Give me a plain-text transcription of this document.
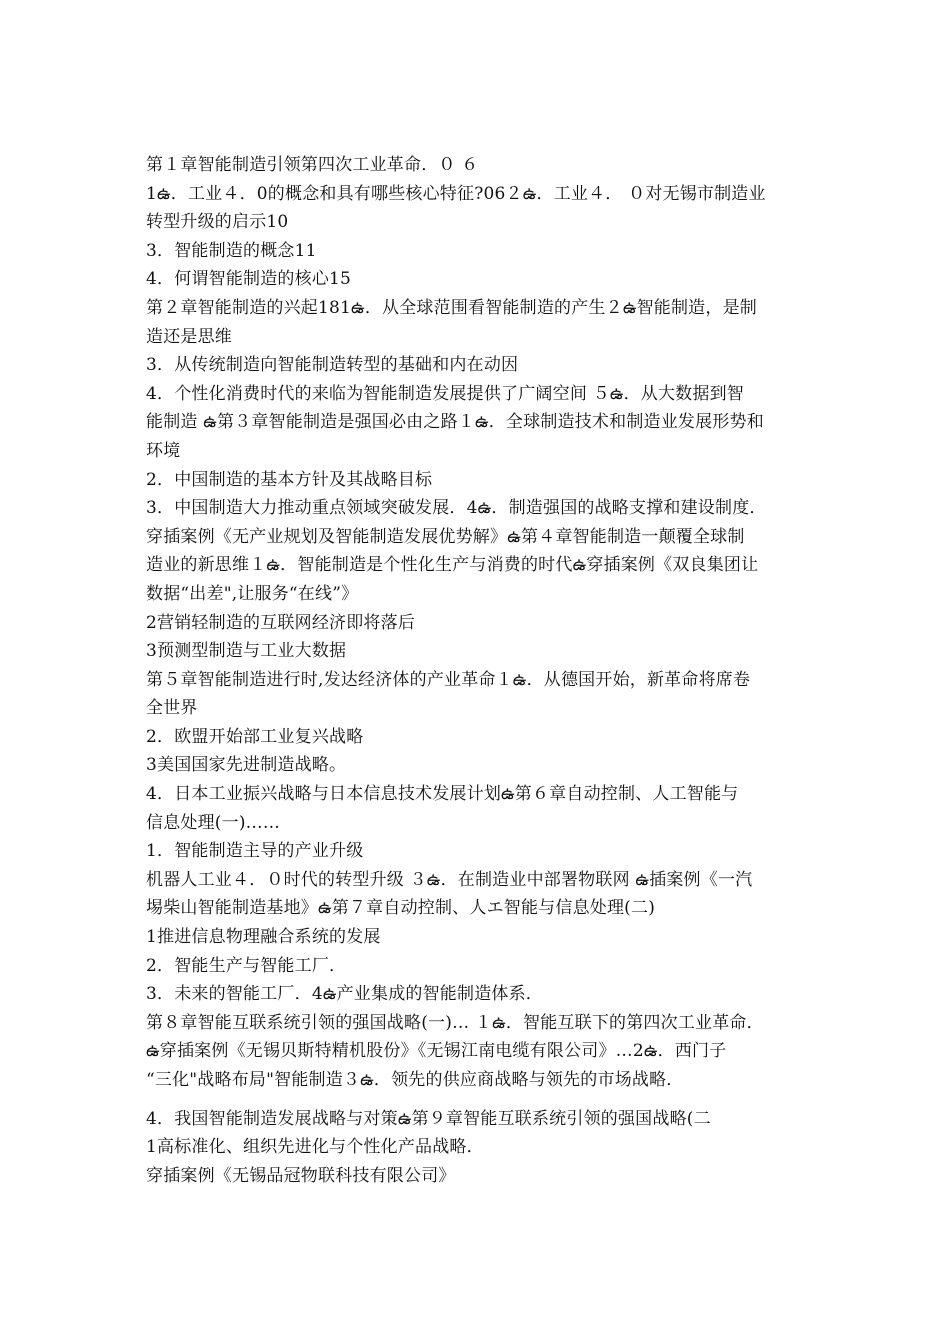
第１章智能制造引领第四次工业革命．０ ６
1ఉ．工业４．0的概念和具有哪些核心特征?06２ఉ．工业４． ０对无锡市制造业
转型升级的启示10
3．智能制造的概念11
4．何谓智能制造的核心15
第２章智能制造的兴起181ఉ．从全球范围看智能制造的产生２ఉ智能制造，是制
造还是思维
3．从传统制造向智能制造转型的基础和内在动因
4．个性化消费时代的来临为智能制造发展提供了广阔空间 ５ఉ．从大数据到智
能制造 ఉ第３章智能制造是强国必由之路１ఉ．全球制造技术和制造业发展形势和
环境
2．中国制造的基本方针及其战略目标
3．中国制造大力推动重点领域突破发展．4ఉ．制造强国的战略支撑和建设制度．
穿插案例《无产业规划及智能制造发展优势解》ఉ第４章智能制造一颠覆全球制
造业的新思维１ఉ．智能制造是个性化生产与消费的时代ఉ穿插案例《双良集团让
数据“出差",让服务“在线”》
2营销轻制造的互联网经济即将落后
3预测型制造与工业大数据
第５章智能制造进行时,发达经济体的产业革命１ఉ．从德国开始，新革命将席卷
全世界
2．欧盟开始部工业复兴战略
3美国国家先进制造战略。
4．日本工业振兴战略与日本信息技术发展计划ఉ第６章自动控制、人工智能与
信息处理(一)……
1．智能制造主导的产业升级
机器人工业４．０时代的转型升级 ３ఉ．在制造业中部署物联网 ఉ插案例《一汽
埸柴山智能制造基地》ఉ第７章自动控制、人エ智能与信息处理(二)
1推进信息物理融合系统的发展
2．智能生产与智能工厂．
3．未来的智能工厂．4ఉ产业集成的智能制造体系．
第８章智能互联系统引领的强国战略(一)… １ఉ．智能互联下的第四次工业革命．
ఉ穿插案例《无锡贝斯特精机股份》《无锡江南电缆有限公司》…2ఉ．西门子
“三化"战略布局"智能制造３ఉ．领先的供应商战略与领先的市场战略．
4．我国智能制造发展战略与对策ఉ第９章智能互联系统引领的强国战略(二
1高标准化、组织先进化与个性化产品战略．
穿插案例《无锡品冠物联科技有限公司》
